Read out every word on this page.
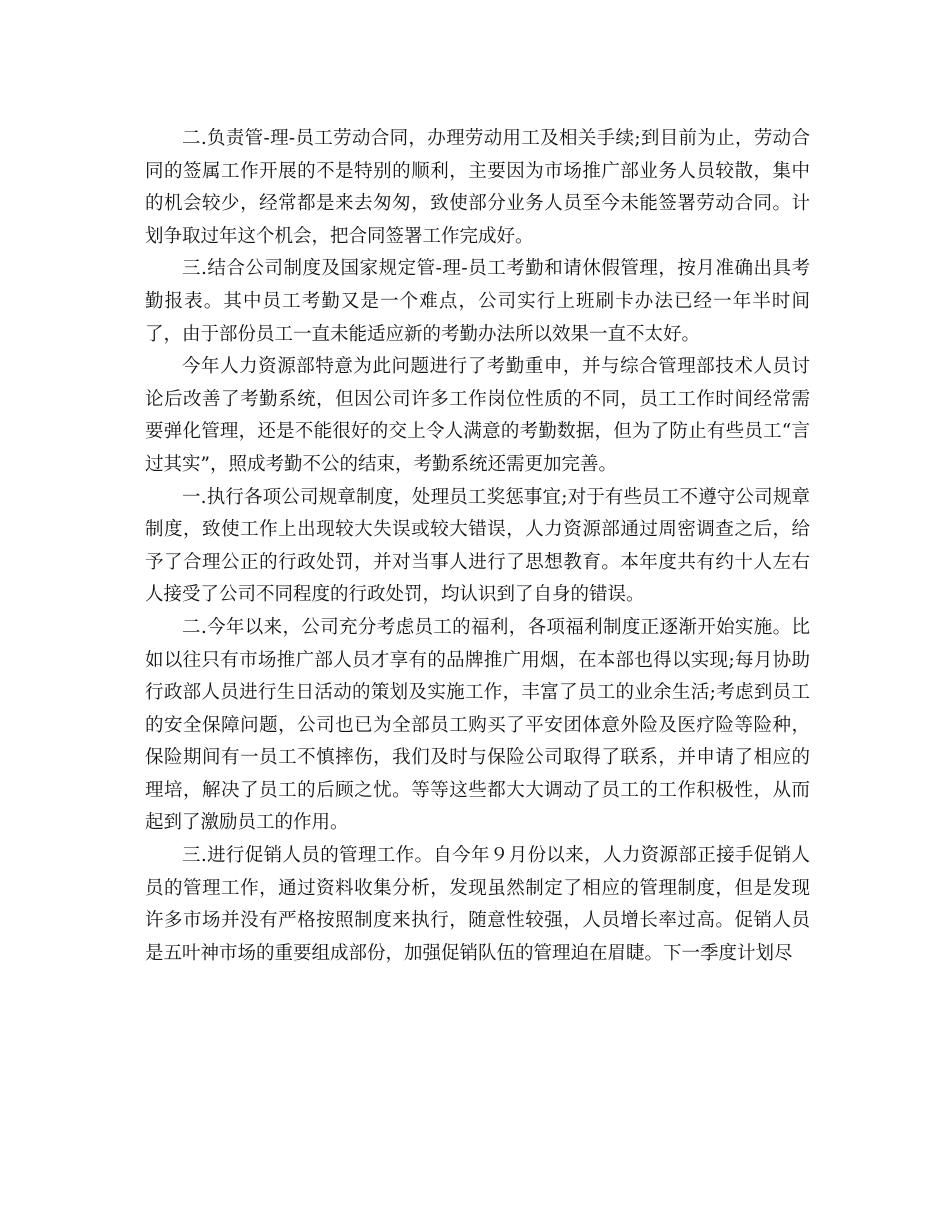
二.负责管-理-员工劳动合同，办理劳动用工及相关手续;到目前为止，劳动合同的签属工作开展的不是特别的顺利，主要因为市场推广部业务人员较散，集中的机会较少，经常都是来去匆匆，致使部分业务人员至今未能签署劳动合同。计划争取过年这个机会，把合同签署工作完成好。

三.结合公司制度及国家规定管-理-员工考勤和请休假管理，按月准确出具考勤报表。其中员工考勤又是一个难点，公司实行上班刷卡办法已经一年半时间了，由于部份员工一直未能适应新的考勤办法所以效果一直不太好。

今年人力资源部特意为此问题进行了考勤重申，并与综合管理部技术人员讨论后改善了考勤系统，但因公司许多工作岗位性质的不同，员工工作时间经常需要弹化管理，还是不能很好的交上令人满意的考勤数据，但为了防止有些员工“言过其实”，照成考勤不公的结束，考勤系统还需更加完善。

一.执行各项公司规章制度，处理员工奖惩事宜;对于有些员工不遵守公司规章制度，致使工作上出现较大失误或较大错误，人力资源部通过周密调查之后，给予了合理公正的行政处罚，并对当事人进行了思想教育。本年度共有约十人左右人接受了公司不同程度的行政处罚，均认识到了自身的错误。

二.今年以来，公司充分考虑员工的福利，各项福利制度正逐渐开始实施。比如以往只有市场推广部人员才享有的品牌推广用烟，在本部也得以实现;每月协助行政部人员进行生日活动的策划及实施工作，丰富了员工的业余生活;考虑到员工的安全保障问题，公司也已为全部员工购买了平安团体意外险及医疗险等险种，保险期间有一员工不慎摔伤，我们及时与保险公司取得了联系，并申请了相应的理培，解决了员工的后顾之忧。等等这些都大大调动了员工的工作积极性，从而起到了激励员工的作用。

三.进行促销人员的管理工作。自今年９月份以来，人力资源部正接手促销人员的管理工作，通过资料收集分析，发现虽然制定了相应的管理制度，但是发现许多市场并没有严格按照制度来执行，随意性较强，人员增长率过高。促销人员是五叶神市场的重要组成部份，加强促销队伍的管理迫在眉睫。下一季度计划尽
